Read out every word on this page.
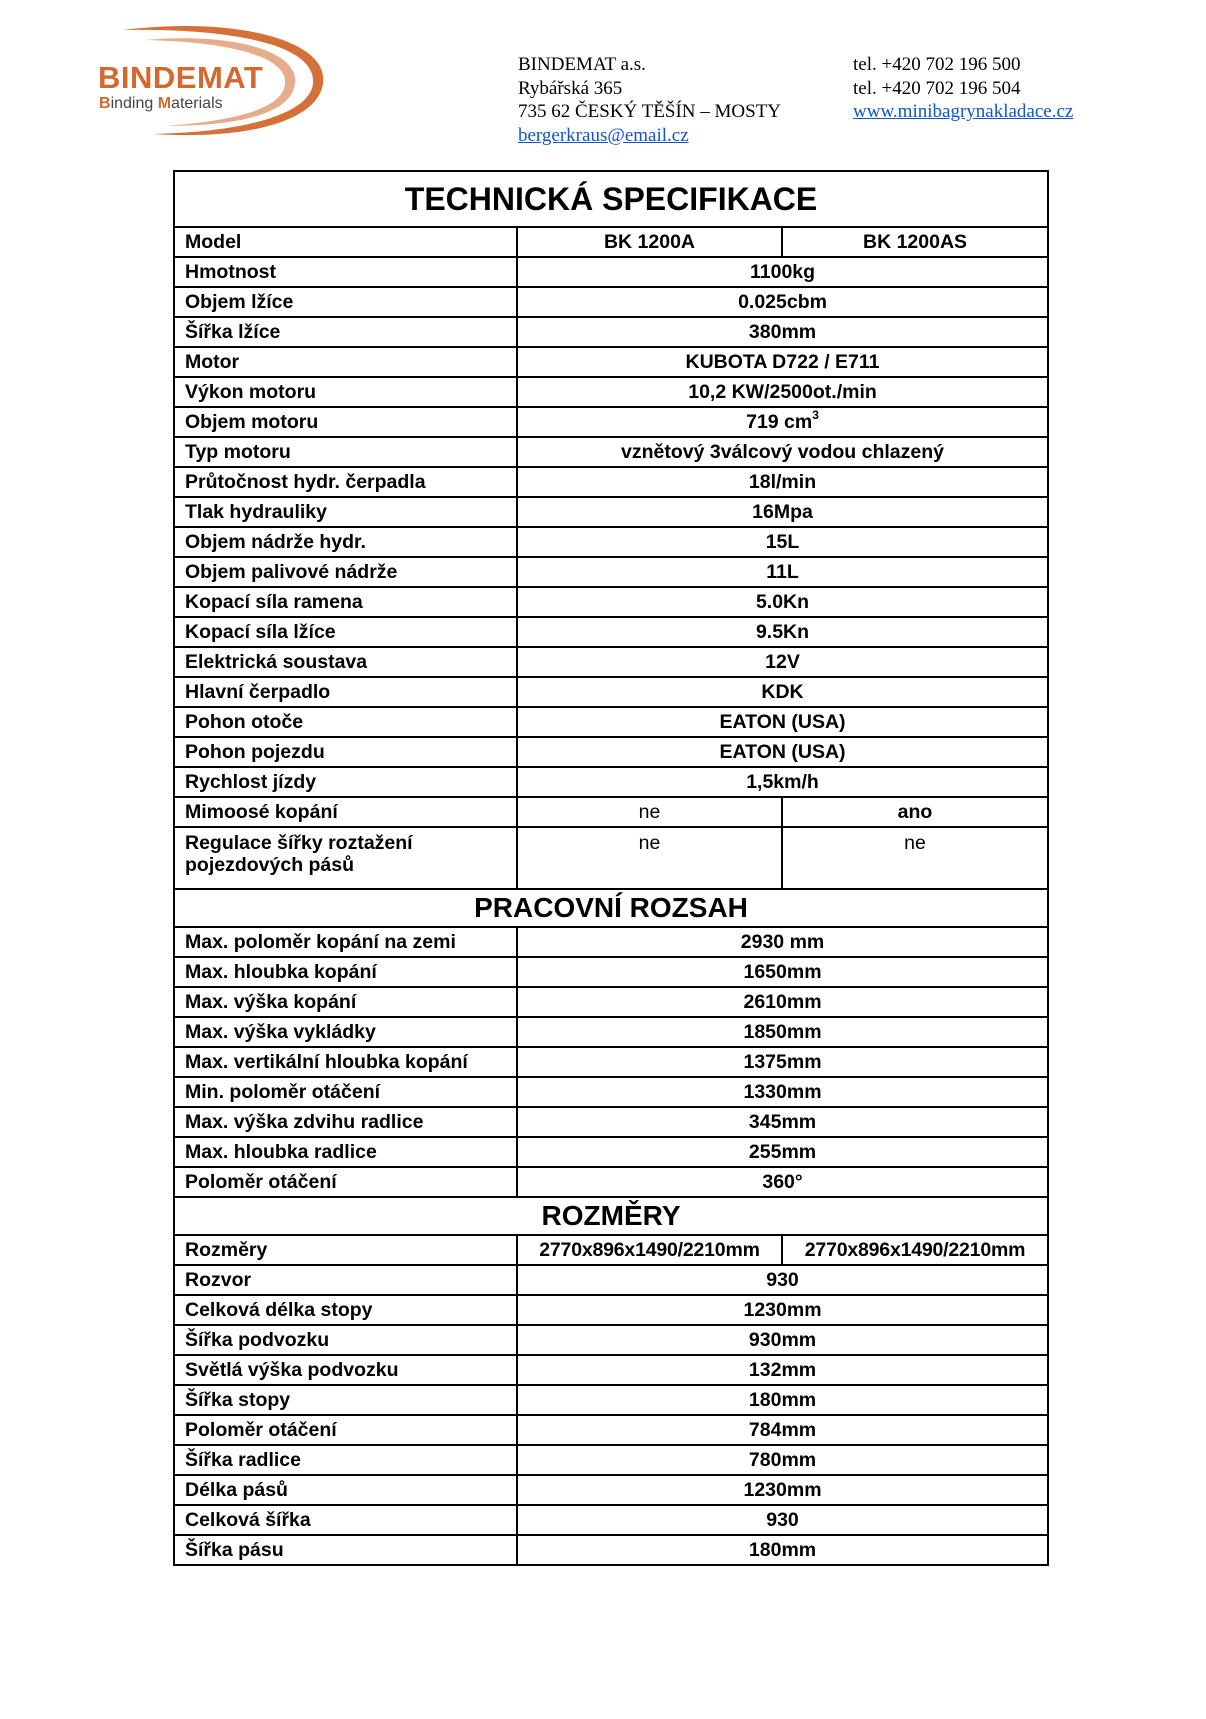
BINDEMAT
Binding Materials
BINDEMAT a.s.
Rybářská 365
735 62 ČESKÝ TĚŠÍN – MOSTY
bergerkraus@email.cz
tel. +420 702 196 500
tel. +420 702 196 504
www.minibagrynakladace.cz
TECHNICKÁ SPECIFIKACE		
Model	BK 1200A	BK 1200AS
Hmotnost	1100kg	
Objem lžíce	0.025cbm	
Šířka lžíce	380mm	
Motor	KUBOTA D722 / E711	
Výkon motoru	10,2 KW/2500ot./min	
Objem motoru	719 $cm^3$
Typ motoru	vznětový 3válcový vodou chlazený	
Průtočnost hydr. čerpadla	18l/min	
Tlak hydrauliky	16Mpa	
Objem nádrže hydr.	15L	
Objem palivové nádrže	11L	
Kopací síla ramena	5.0Kn	
Kopací síla lžíce	9.5Kn	
Elektrická soustava	12V	
Hlavní čerpadlo	KDK	
Pohon otoče	EATON (USA)	
Pohon pojezdu	EATON (USA)	
Rychlost jízdy	1,5km/h	
Mimoosé kopání	ne	ano

Regulace šířky roztažení
pojezdových pásů	ne	ne
PRACOVNÍ ROZSAH		
Max. poloměr kopání na zemi	2930 mm	
Max. hloubka kopání	1650mm	
Max. výška kopání	2610mm	
Max. výška vykládky	1850mm	
Max. vertikální hloubka kopání	1375mm	
Min. poloměr otáčení	1330mm	
Max. výška zdvihu radlice	345mm	
Max. hloubka radlice	255mm	
Poloměr otáčení	360°	
ROZMĚRY		
Rozměry	2770x896x1490/2210mm	2770x896x1490/2210mm
Rozvor	930	
Celková délka stopy	1230mm	
Šířka podvozku	930mm	
Světlá výška podvozku	132mm	
Šířka stopy	180mm	
Poloměr otáčení	784mm	
Šířka radlice	780mm	
Délka pásů	1230mm	
Celková šířka	930	
Šířka pásu	180mm	
